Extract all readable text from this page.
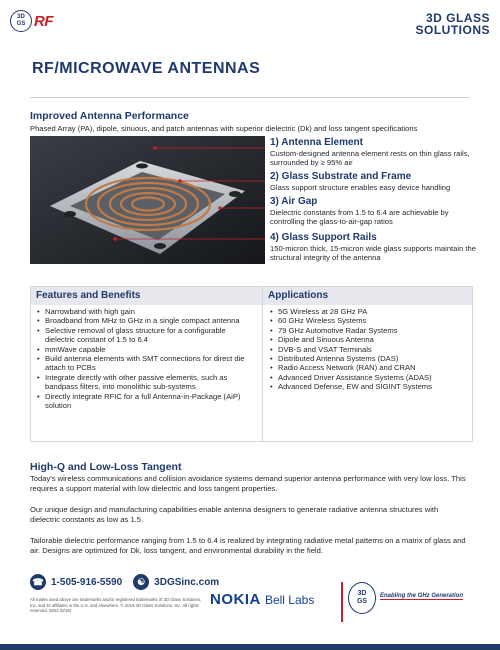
3D
GS RF	3D GLASS
SOLUTIONS
RF/MICROWAVE ANTENNAS
Improved Antenna Performance
Phased Array (PA), dipole, sinuous, and patch antennas with superior dielectric (Dk) and loss tangent specifications
1) Antenna Element
Custom-designed antenna element rests on thin glass rails, surrounded by ≥ 95% air
2) Glass Substrate and Frame
Glass support structure enables easy device handling
3) Air Gap
Dielectric constants from 1.5 to 6.4 are achievable by controlling the glass-to-air-gap ratios
4) Glass Support Rails
150-micron thick, 15-micron wide glass supports maintain the structural integrity of the antenna
Features and Benefits	Applications
• Narrowband with high gain
• Broadband from MHz to GHz in a single compact antenna
• Selective removal of glass structure for a configurable dielectric constant of 1.5 to 6.4
• mmWave capable
• Build antenna elements with SMT connections for direct die attach to PCBs
• Integrate directly with other passive elements, such as bandpass filters, into monolithic sub-systems
• Directly integrate RFIC for a full Antenna-in-Package (AiP) solution
• 5G Wireless at 28 GHz PA
• 60 GHz Wireless Systems
• 79 GHz Automotive Radar Systems
• Dipole and Sinuous Antenna
• DVB-S and VSAT Terminals
• Distributed Antenna Systems (DAS)
• Radio Access Network (RAN) and CRAN
• Advanced Driver Assistance Systems (ADAS)
• Advanced Defense, EW and SIGINT Systems
High-Q and Low-Loss Tangent
Today's wireless communications and collision avoidance systems demand superior antenna performance with very low loss. This requires a support material with low dielectric and loss tangent properties.
Our unique design and manufacturing capabilities enable antenna designers to generate radiative antenna structures with dielectric constants as low as 1.5.
Tailorable dielectric performance ranging from 1.5 to 6.4 is realized by integrating radiative metal patterns on a matrix of glass and air. Designs are optimized for Dk, loss tangent, and environmental durability in the field.
☎ 1-505-916-5590	☯ 3DGSinc.com
All marks used above are trademarks and/or registered trademarks of 3D Glass Solutions, Inc. and its affiliates in the U.S. and elsewhere. © 2019 3D Glass Solutions, Inc. All rights reserved. 9202 (8/19)
NOKIA Bell Labs	3D
GS
Enabling the GHz Generation
